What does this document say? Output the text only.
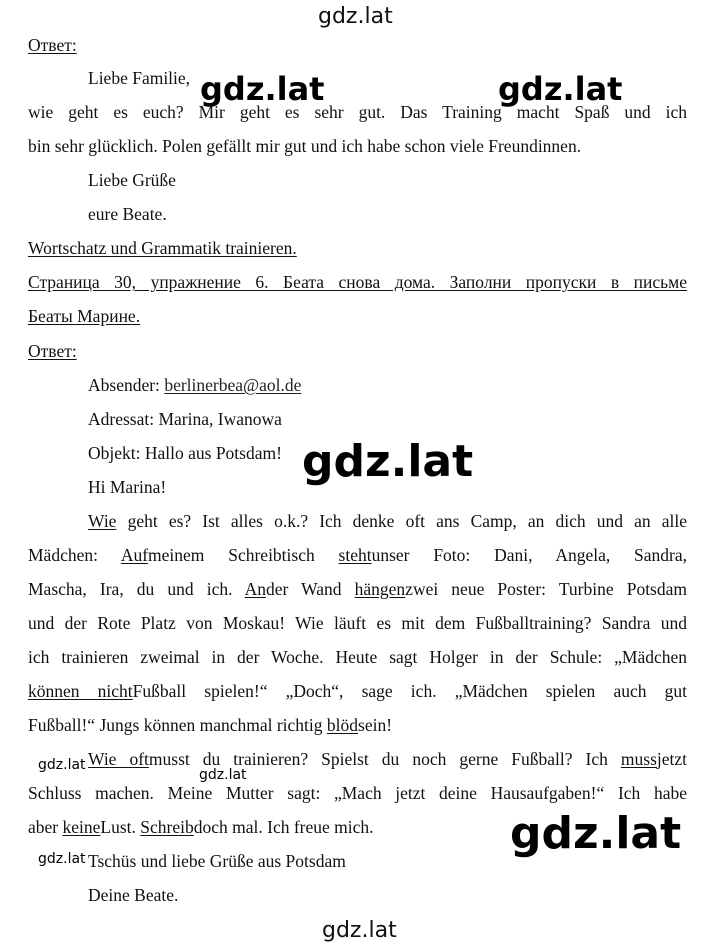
gdz.lat
gdz.lat	gdz.lat
gdz.lat
gdz.lat
gdz.lat
gdz.lat
gdz.lat
gdz.lat
Ответ:
Liebe Familie,
wie geht es euch? Mir geht es sehr gut. Das Training macht Spaß und ich
bin sehr glücklich. Polen gefällt mir gut und ich habe schon viele Freundinnen.
Liebe Grüße
eure Beate.
Wortschatz und Grammatik trainieren.
Страница 30, упражнение 6. Беата снова дома. Заполни пропуски в письме
Беаты Марине.
Ответ:
Absender: berlinerbea@aol.de
Adressat: Marina, Iwanowa
Objekt: Hallo aus Potsdam!
Hi Marina!
Wie geht es? Ist alles o.k.? Ich denke oft ans Camp, an dich und an alle
Mädchen: Aufmeinem Schreibtisch stehtunser Foto: Dani, Angela, Sandra,
Mascha, Ira, du und ich. Ander Wand hängenzwei neue Poster: Turbine Potsdam
und der Rote Platz von Moskau! Wie läuft es mit dem Fußballtraining? Sandra und
ich trainieren zweimal in der Woche. Heute sagt Holger in der Schule: „Mädchen
können nichtFußball spielen!“ „Doch“, sage ich. „Mädchen spielen auch gut
Fußball!“ Jungs können manchmal richtig blödsein!
Wie oftmusst du trainieren? Spielst du noch gerne Fußball? Ich mussjetzt
Schluss machen. Meine Mutter sagt: „Mach jetzt deine Hausaufgaben!“ Ich habe
aber keineLust. Schreibdoch mal. Ich freue mich.
Tschüs und liebe Grüße aus Potsdam
Deine Beate.
